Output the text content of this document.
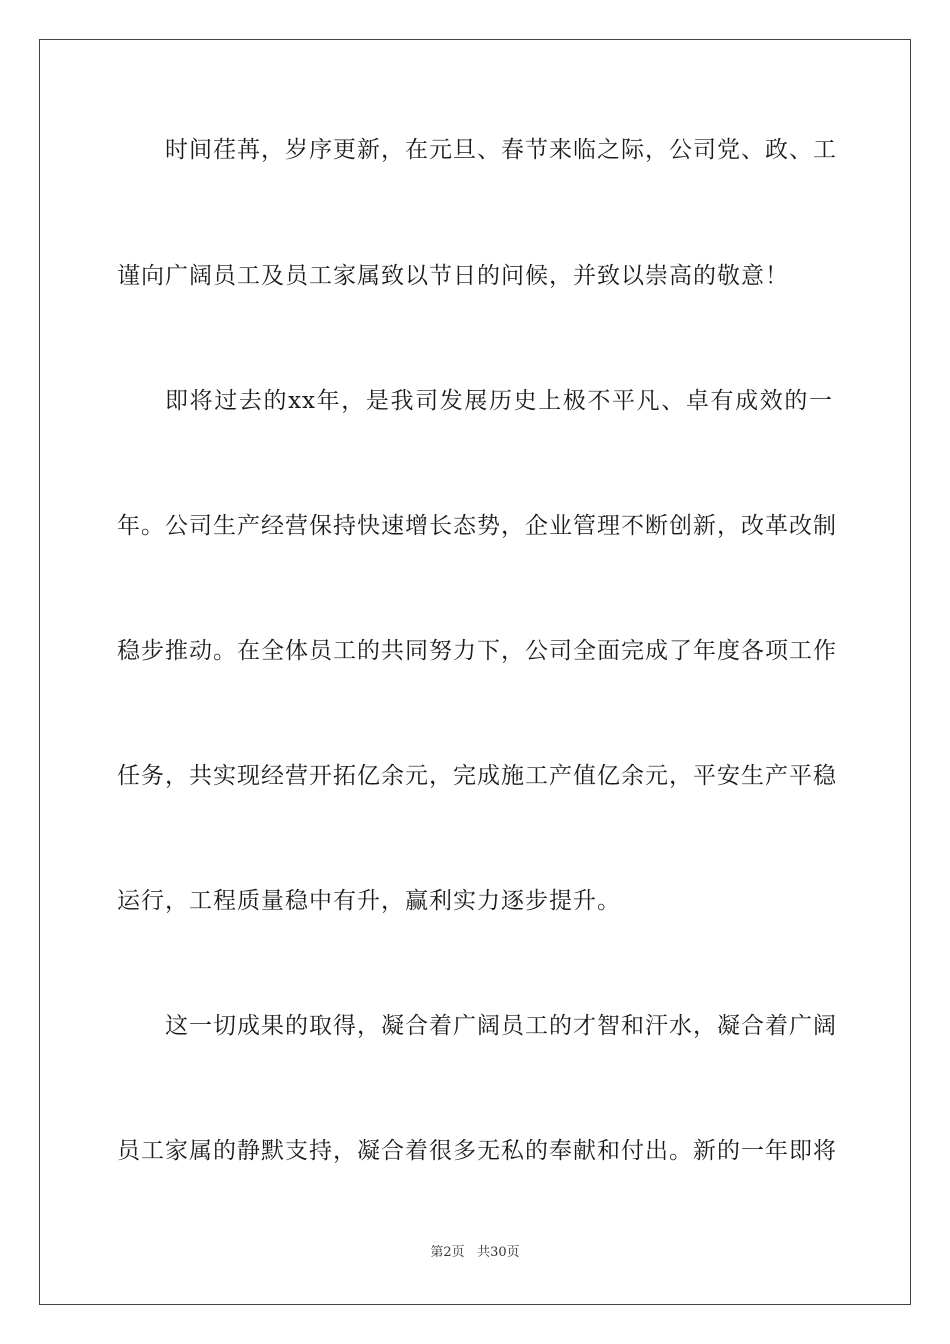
时间荏苒，岁序更新，在元旦、春节来临之际，公司党、政、工
谨向广阔员工及员工家属致以节日的问候，并致以崇高的敬意！
即将过去的xx年，是我司发展历史上极不平凡、卓有成效的一
年。公司生产经营保持快速增长态势，企业管理不断创新，改革改制
稳步推动。在全体员工的共同努力下，公司全面完成了年度各项工作
任务，共实现经营开拓亿余元，完成施工产值亿余元，平安生产平稳
运行，工程质量稳中有升，赢利实力逐步提升。
这一切成果的取得，凝合着广阔员工的才智和汗水，凝合着广阔
员工家属的静默支持，凝合着很多无私的奉献和付出。新的一年即将
第2页 共30页
